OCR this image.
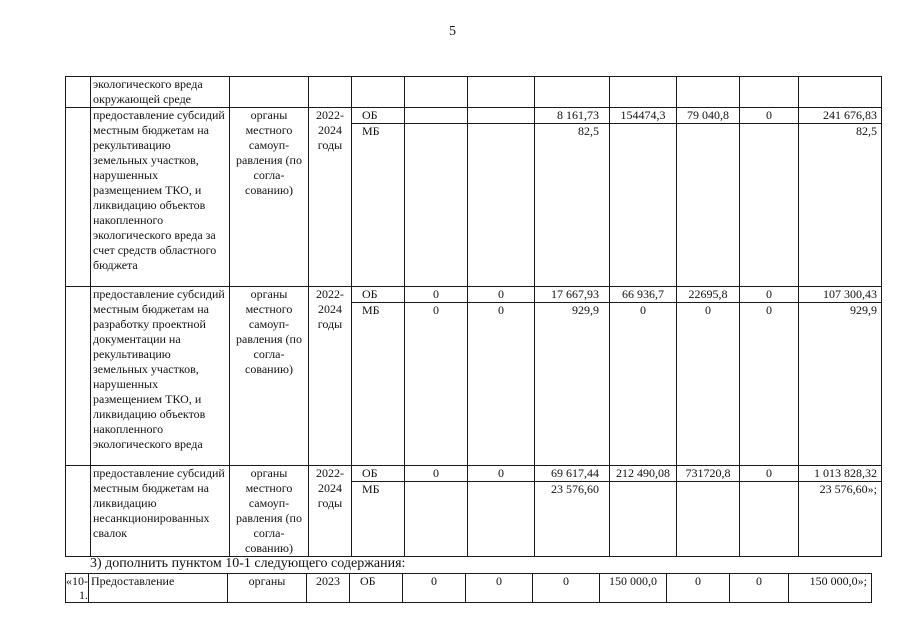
5
	экологического вреда окружающей среде										
	предоставление субсидий местным бюджетам на рекультивацию земельных участков, нарушенных размещением ТКО, и ликвидацию объектов накопленного экологического вреда за счет средств областного бюджета	органы местного самоуп-равления (по согла-сованию)	2022-2024 годы	ОБ			8 161,73	154474,3	79 040,8	0	241 676,83
				МБ			82,5				82,5
	предоставление субсидий местным бюджетам на разработку проектной документации на рекультивацию земельных участков, нарушенных размещением ТКО, и ликвидацию объектов накопленного экологического вреда	органы местного самоуп-равления (по согла-сованию)	2022-2024 годы	ОБ	0	0	17 667,93	66 936,7	22695,8	0	107 300,43
				МБ	0	0	929,9	0	0	0	929,9
	предоставление субсидий местным бюджетам на ликвидацию несанкционированных свалок	органы местного самоуп-равления (по согла-сованию)	2022-2024 годы	ОБ	0	0	69 617,44	212 490,08	731720,8	0	1 013 828,32
				МБ			23 576,60				23 576,60»;
3) дополнить пунктом 10-1 следующего содержания:
«10-1.	Предоставление	органы	2023	ОБ	0	0	0	150 000,0	0	0	150 000,0»;
